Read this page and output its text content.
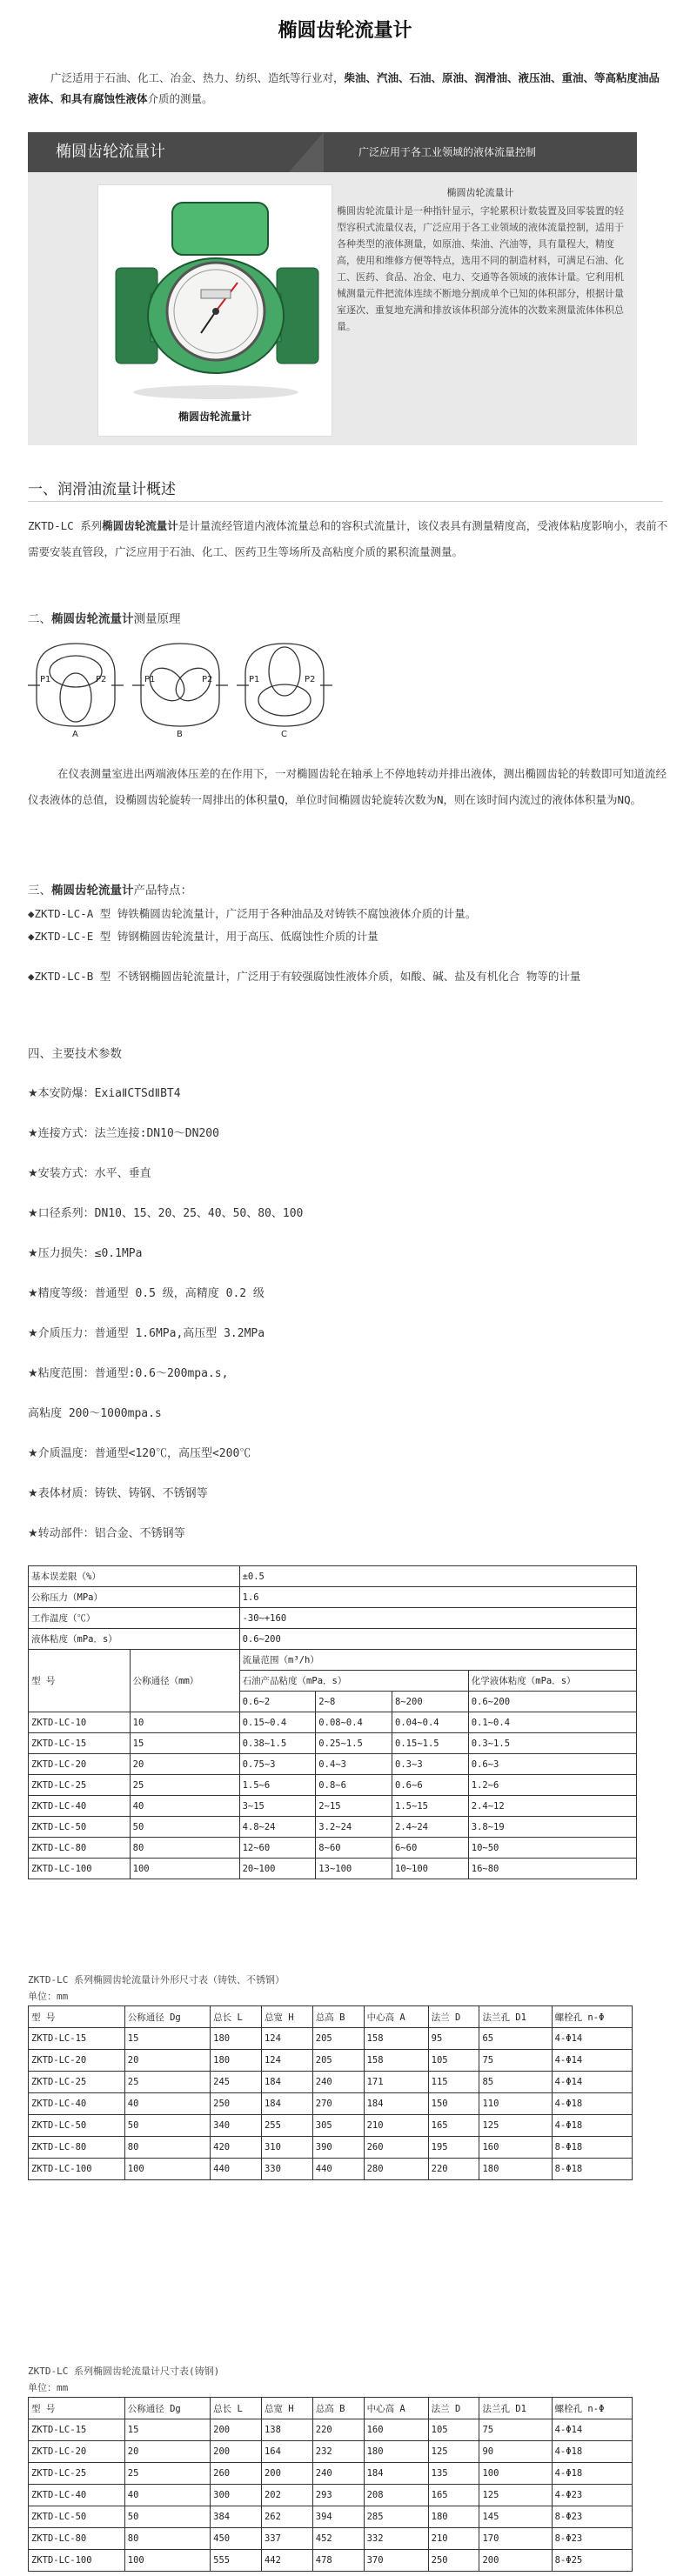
椭圆齿轮流量计

广泛适用于石油、化工、冶金、热力、纺织、造纸等行业对，柴油、汽油、石油、原油、润滑油、液压油、重油、等高粘度油品液体、和具有腐蚀性液体介质的测量。

椭圆齿轮流量计	广泛应用于各工业领域的液体流量控制
椭圆齿轮流量计
椭圆齿轮流量计
椭圆齿轮流量计是一种指针显示，字轮累积计数装置及回零装置的轻型容积式流量仪表，广泛应用于各工业领域的液体流量控制，适用于各种类型的液体测量，如原油、柴油、汽油等，具有量程大，精度高，使用和维修方便等特点，选用不同的制造材料，可满足石油、化工、医药、食品、冶金、电力、交通等各领域的液体计量。它利用机械测量元件把流体连续不断地分割成单个已知的体积部分，根据计量室逐次、重复地充满和排放该体积部分流体的次数来测量流体体积总量。
一、润滑油流量计概述

ZKTD-LC 系列椭圆齿轮流量计是计量流经管道内液体流量总和的容积式流量计，该仪表具有测量精度高，受液体粘度影响小，表前不需要安装直管段，广泛应用于石油、化工、医药卫生等场所及高粘度介质的累积流量测量。

二、椭圆齿轮流量计测量原理
P1	P2
A
P1	P2
B
P1	P2
C

在仪表测量室进出两端液体压差的在作用下，一对椭圆齿轮在轴承上不停地转动并排出液体，测出椭圆齿轮的转数即可知道流经仪表液体的总值，设椭圆齿轮旋转一周排出的体积量Q，单位时间椭圆齿轮旋转次数为N，则在该时间内流过的液体体积量为NQ。

三、椭圆齿轮流量计产品特点：
◆ZKTD-LC-A 型 铸铁椭圆齿轮流量计，广泛用于各种油品及对铸铁不腐蚀液体介质的计量。
◆ZKTD-LC-E 型 铸钢椭圆齿轮流量计，用于高压、低腐蚀性介质的计量
◆ZKTD-LC-B 型 不锈钢椭圆齿轮流量计，广泛用于有较强腐蚀性液体介质，如酸、碱、盐及有机化合 物等的计量
四、主要技术参数
★本安防爆：ExiaⅡCTSdⅡBT4
★连接方式：法兰连接:DN10～DN200
★安装方式：水平、垂直
★口径系列：DN10、15、20、25、40、50、80、100
★压力损失：≤0.1MPa
★精度等级：普通型 0.5 级，高精度 0.2 级
★介质压力：普通型 1.6MPa,高压型 3.2MPa
★粘度范围：普通型:0.6～200mpa.s,
高粘度 200～1000mpa.s
★介质温度：普通型<120℃，高压型<200℃
★表体材质：铸铁、铸钢、不锈钢等
★转动部件：铝合金、不锈钢等
基本误差限（%）		±0.5			
公称压力（MPa）		1.6			
工作温度（℃）		-30~+160			
液体粘度（mPa．s）		0.6~200			
型 号	公称通径（mm）	流量范围（m³/h）			
		石油产品粘度（mPa．s）			化学液体粘度（mPa．s）
		0.6~2	2~8	8~200	0.6~200
ZKTD-LC-10	10	0.15~0.4	0.08~0.4	0.04~0.4	0.1~0.4
ZKTD-LC-15	15	0.38~1.5	0.25~1.5	0.15~1.5	0.3~1.5
ZKTD-LC-20	20	0.75~3	0.4~3	0.3~3	0.6~3
ZKTD-LC-25	25	1.5~6	0.8~6	0.6~6	1.2~6
ZKTD-LC-40	40	3~15	2~15	1.5~15	2.4~12
ZKTD-LC-50	50	4.8~24	3.2~24	2.4~24	3.8~19
ZKTD-LC-80	80	12~60	8~60	6~60	10~50
ZKTD-LC-100	100	20~100	13~100	10~100	16~80
ZKTD-LC 系列椭圆齿轮流量计外形尺寸表（铸铁、不锈钢）
单位：mm
型 号	公称通径 Dg	总长 L	总宽 H	总高 B	中心高 A	法兰 D	法兰孔 D1	螺栓孔 n-Φ
ZKTD-LC-15	15	180	124	205	158	95	65	4-Φ14
ZKTD-LC-20	20	180	124	205	158	105	75	4-Φ14
ZKTD-LC-25	25	245	184	240	171	115	85	4-Φ14
ZKTD-LC-40	40	250	184	270	184	150	110	4-Φ18
ZKTD-LC-50	50	340	255	305	210	165	125	4-Φ18
ZKTD-LC-80	80	420	310	390	260	195	160	8-Φ18
ZKTD-LC-100	100	440	330	440	280	220	180	8-Φ18
ZKTD-LC 系列椭圆齿轮流量计尺寸表(铸钢)
单位：mm
型 号	公称通径 Dg	总长 L	总宽 H	总高 B	中心高 A	法兰 D	法兰孔 D1	螺栓孔 n-Φ
ZKTD-LC-15	15	200	138	220	160	105	75	4-Φ14
ZKTD-LC-20	20	200	164	232	180	125	90	4-Φ18
ZKTD-LC-25	25	260	200	240	184	135	100	4-Φ18
ZKTD-LC-40	40	300	202	293	208	165	125	4-Φ23
ZKTD-LC-50	50	384	262	394	285	180	145	8-Φ23
ZKTD-LC-80	80	450	337	452	332	210	170	8-Φ23
ZKTD-LC-100	100	555	442	478	370	250	200	8-Φ25
